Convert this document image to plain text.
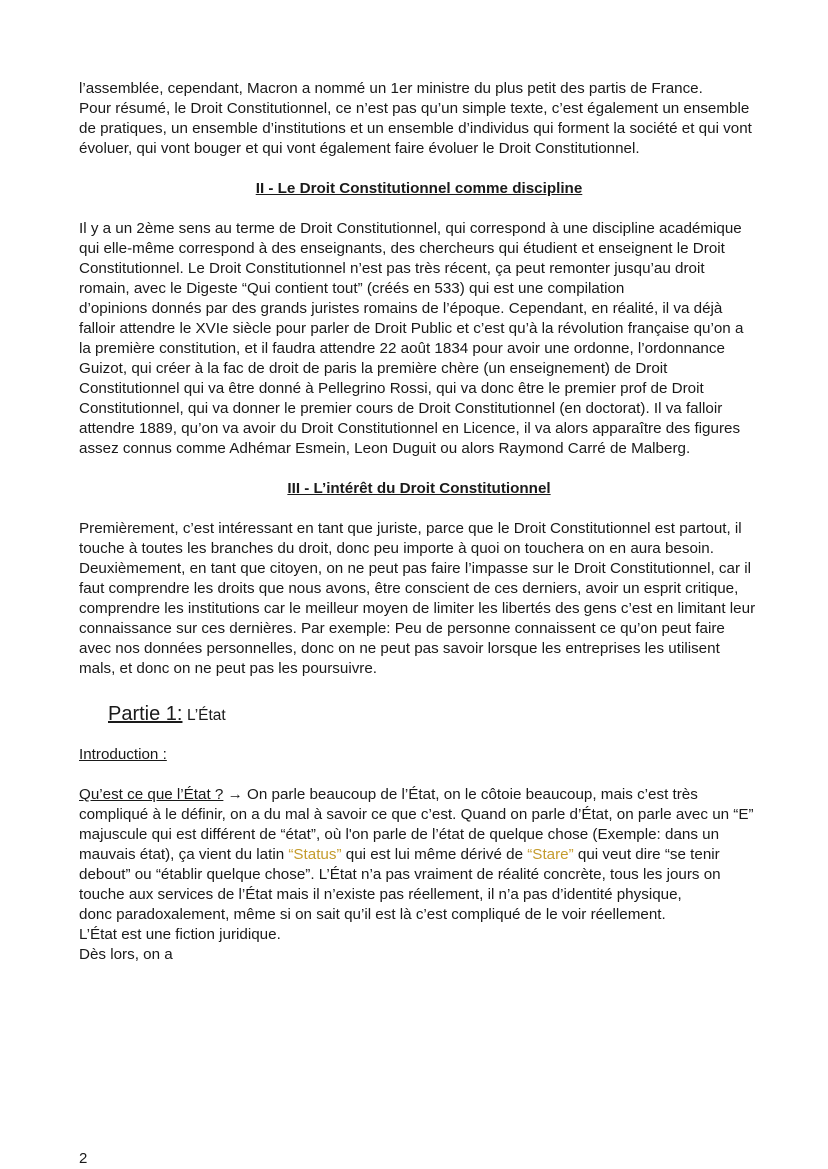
l’assemblée, cependant, Macron a nommé un 1er ministre du plus petit des partis de France.

Pour résumé, le Droit Constitutionnel, ce n’est pas qu’un simple texte, c’est également un ensemble de pratiques, un ensemble d’institutions et un ensemble d’individus qui forment la société et qui vont évoluer, qui vont bouger et qui vont également faire évoluer le Droit Constitutionnel.

II - Le Droit Constitutionnel comme discipline

Il y a un 2ème sens au terme de Droit Constitutionnel, qui correspond à une discipline académique qui elle-même correspond à des enseignants, des chercheurs qui étudient et enseignent le Droit Constitutionnel. Le Droit Constitutionnel n’est pas très récent, ça peut remonter jusqu’au droit romain, avec le Digeste “Qui contient tout” (créés en 533) qui est une compilation

d’opinions donnés par des grands juristes romains de l’époque. Cependant, en réalité, il va déjà falloir attendre le XVIe siècle pour parler de Droit Public et c’est qu’à la révolution française qu’on a la première constitution, et il faudra attendre 22 août 1834 pour avoir une ordonne, l’ordonnance Guizot, qui créer à la fac de droit de paris la première chère (un enseignement) de Droit Constitutionnel qui va être donné à Pellegrino Rossi, qui va donc être le premier prof de Droit Constitutionnel, qui va donner le premier cours de Droit Constitutionnel (en doctorat). Il va falloir attendre 1889, qu’on va avoir du Droit Constitutionnel en Licence, il va alors apparaître des figures assez connus comme Adhémar Esmein, Leon Duguit ou alors Raymond Carré de Malberg.

III - L’intérêt du Droit Constitutionnel

Premièrement, c’est intéressant en tant que juriste, parce que le Droit Constitutionnel est partout, il touche à toutes les branches du droit, donc peu importe à quoi on touchera on en aura besoin. Deuxièmement, en tant que citoyen, on ne peut pas faire l’impasse sur le Droit Constitutionnel, car il faut comprendre les droits que nous avons, être conscient de ces derniers, avoir un esprit critique, comprendre les institutions car le meilleur moyen de limiter les libertés des gens c’est en limitant leur connaissance sur ces dernières. Par exemple: Peu de personne connaissent ce qu’on peut faire avec nos données personnelles, donc on ne peut pas savoir lorsque les entreprises les utilisent mals, et donc on ne peut pas les poursuivre.

Partie 1: L’État
Introduction :

Qu’est ce que l’État ? → On parle beaucoup de l’État, on le côtoie beaucoup, mais c’est très compliqué à le définir, on a du mal à savoir ce que c’est. Quand on parle d’État, on parle avec un “E” majuscule qui est différent de “état”, où l'on parle de l’état de quelque chose (Exemple: dans un mauvais état), ça vient du latin “Status” qui est lui même dérivé de “Stare” qui veut dire “se tenir debout” ou “établir quelque chose”. L’État n’a pas vraiment de réalité concrète, tous les jours on touche aux services de l’État mais il n’existe pas réellement, il n’a pas d’identité physique,

donc paradoxalement, même si on sait qu’il est là c’est compliqué de le voir réellement.

L’État est une fiction juridique.

Dès lors, on a

2
